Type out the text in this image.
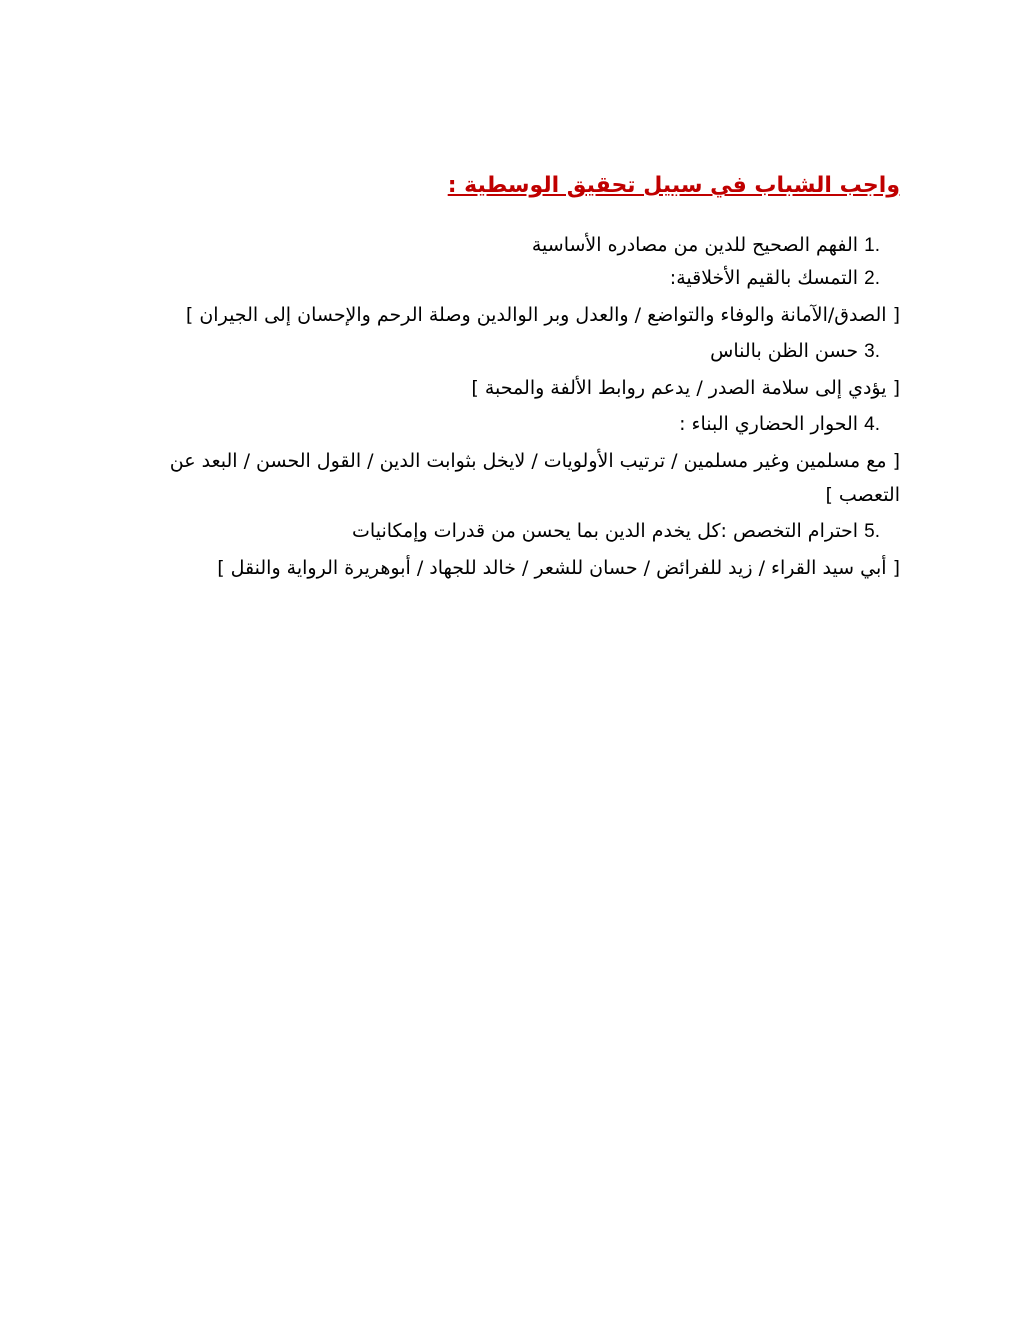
واجب الشباب في سبيل تحقيق الوسطية :
1. الفهم الصحيح للدين من مصادره الأساسية
2. التمسك بالقيم الأخلاقية:
[ الصدق/الآمانة والوفاء والتواضع / والعدل وبر الوالدين وصلة الرحم والإحسان إلى الجيران ]
3. حسن الظن بالناس
[ يؤدي إلى سلامة الصدر / يدعم روابط الألفة والمحبة ]
4. الحوار الحضاري البناء :
[ مع مسلمين وغير مسلمين / ترتيب الأولويات / لايخل بثوابت الدين / القول الحسن / البعد عن التعصب ]
5. احترام التخصص :كل يخدم الدين بما يحسن من قدرات وإمكانيات
[ أبي سيد القراء / زيد للفرائض / حسان للشعر / خالد للجهاد / أبوهريرة الرواية والنقل ]
